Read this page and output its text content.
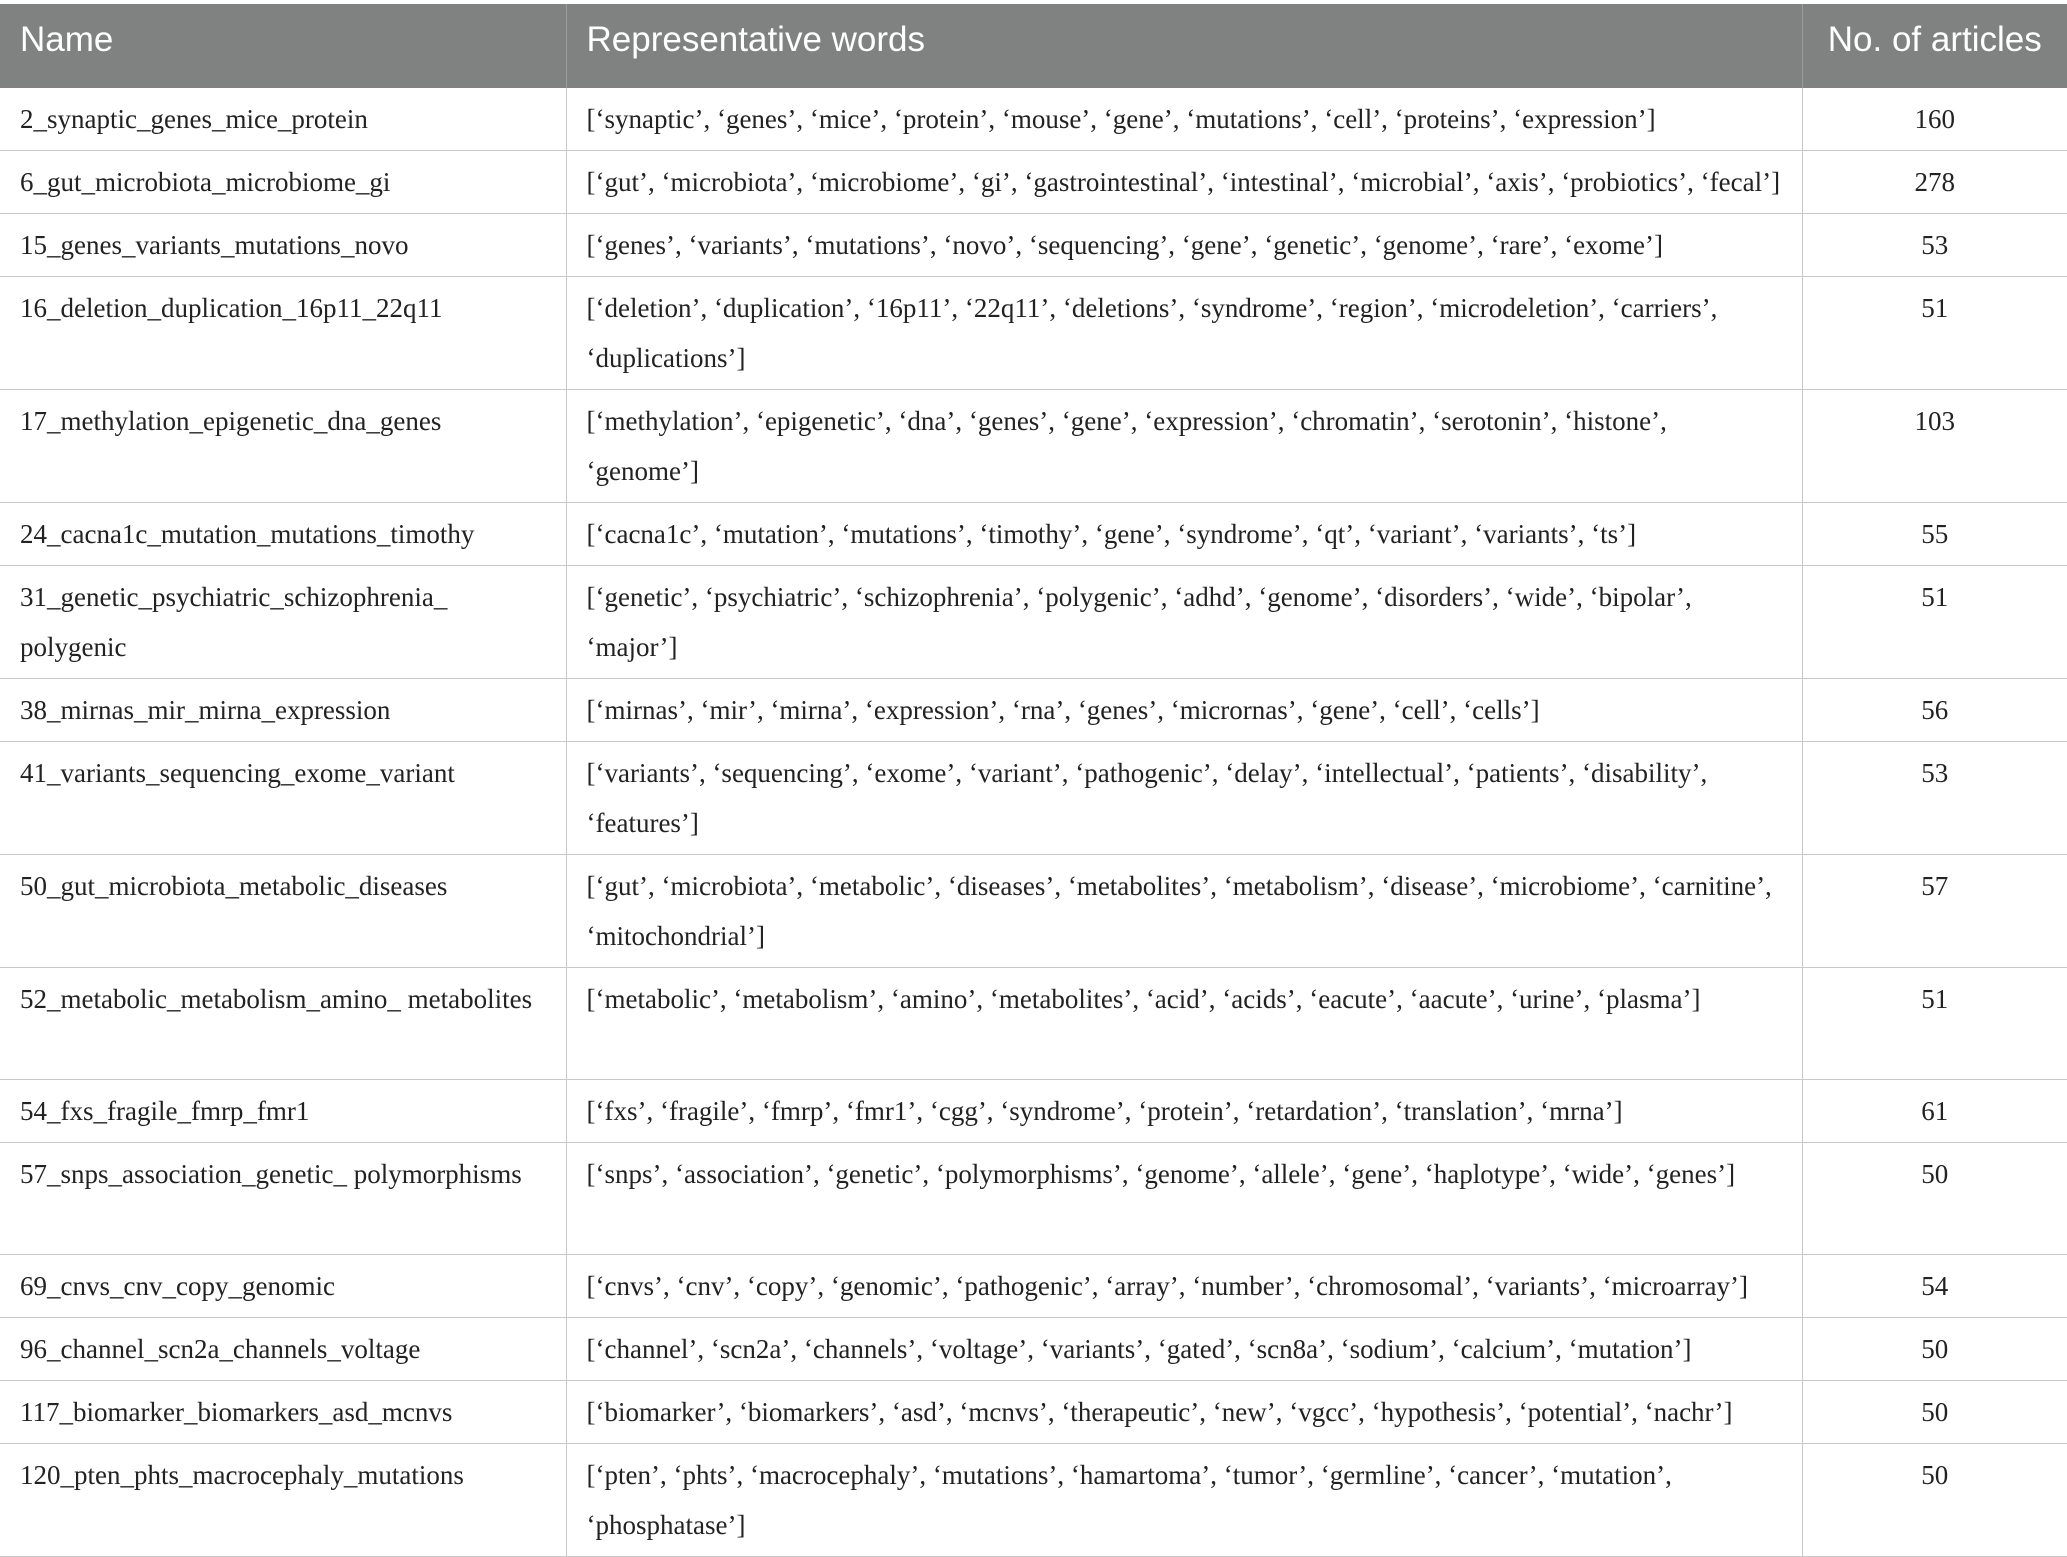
Name	Representative words	No. of articles
2_synaptic_genes_mice_protein	[‘synaptic’, ‘genes’, ‘mice’, ‘protein’, ‘mouse’, ‘gene’, ‘mutations’, ‘cell’, ‘proteins’, ‘expression’]	160
6_gut_microbiota_microbiome_gi	[‘gut’, ‘microbiota’, ‘microbiome’, ‘gi’, ‘gastrointestinal’, ‘intestinal’, ‘microbial’, ‘axis’, ‘probiotics’, ‘fecal’]	278
15_genes_variants_mutations_novo	[‘genes’, ‘variants’, ‘mutations’, ‘novo’, ‘sequencing’, ‘gene’, ‘genetic’, ‘genome’, ‘rare’, ‘exome’]	53
16_deletion_duplication_16p11_22q11	[‘deletion’, ‘duplication’, ‘16p11’, ‘22q11’, ‘deletions’, ‘syndrome’, ‘region’, ‘microdeletion’, ‘carriers’, ‘duplications’]	51
17_methylation_epigenetic_dna_genes	[‘methylation’, ‘epigenetic’, ‘dna’, ‘genes’, ‘gene’, ‘expression’, ‘chromatin’, ‘serotonin’, ‘histone’, ‘genome’]	103
24_cacna1c_mutation_mutations_timothy	[‘cacna1c’, ‘mutation’, ‘mutations’, ‘timothy’, ‘gene’, ‘syndrome’, ‘qt’, ‘variant’, ‘variants’, ‘ts’]	55
31_genetic_psychiatric_schizophrenia_ polygenic	[‘genetic’, ‘psychiatric’, ‘schizophrenia’, ‘polygenic’, ‘adhd’, ‘genome’, ‘disorders’, ‘wide’, ‘bipolar’, ‘major’]	51
38_mirnas_mir_mirna_expression	[‘mirnas’, ‘mir’, ‘mirna’, ‘expression’, ‘rna’, ‘genes’, ‘micrornas’, ‘gene’, ‘cell’, ‘cells’]	56
41_variants_sequencing_exome_variant	[‘variants’, ‘sequencing’, ‘exome’, ‘variant’, ‘pathogenic’, ‘delay’, ‘intellectual’, ‘patients’, ‘disability’, ‘features’]	53
50_gut_microbiota_metabolic_diseases	[‘gut’, ‘microbiota’, ‘metabolic’, ‘diseases’, ‘metabolites’, ‘metabolism’, ‘disease’, ‘microbiome’, ‘carnitine’, ‘mitochondrial’]	57
52_metabolic_metabolism_amino_ metabolites	[‘metabolic’, ‘metabolism’, ‘amino’, ‘metabolites’, ‘acid’, ‘acids’, ‘eacute’, ‘aacute’, ‘urine’, ‘plasma’]	51
54_fxs_fragile_fmrp_fmr1	[‘fxs’, ‘fragile’, ‘fmrp’, ‘fmr1’, ‘cgg’, ‘syndrome’, ‘protein’, ‘retardation’, ‘translation’, ‘mrna’]	61
57_snps_association_genetic_ polymorphisms	[‘snps’, ‘association’, ‘genetic’, ‘polymorphisms’, ‘genome’, ‘allele’, ‘gene’, ‘haplotype’, ‘wide’, ‘genes’]	50
69_cnvs_cnv_copy_genomic	[‘cnvs’, ‘cnv’, ‘copy’, ‘genomic’, ‘pathogenic’, ‘array’, ‘number’, ‘chromosomal’, ‘variants’, ‘microarray’]	54
96_channel_scn2a_channels_voltage	[‘channel’, ‘scn2a’, ‘channels’, ‘voltage’, ‘variants’, ‘gated’, ‘scn8a’, ‘sodium’, ‘calcium’, ‘mutation’]	50
117_biomarker_biomarkers_asd_mcnvs	[‘biomarker’, ‘biomarkers’, ‘asd’, ‘mcnvs’, ‘therapeutic’, ‘new’, ‘vgcc’, ‘hypothesis’, ‘potential’, ‘nachr’]	50
120_pten_phts_macrocephaly_mutations	[‘pten’, ‘phts’, ‘macrocephaly’, ‘mutations’, ‘hamartoma’, ‘tumor’, ‘germline’, ‘cancer’, ‘mutation’, ‘phosphatase’]	50
